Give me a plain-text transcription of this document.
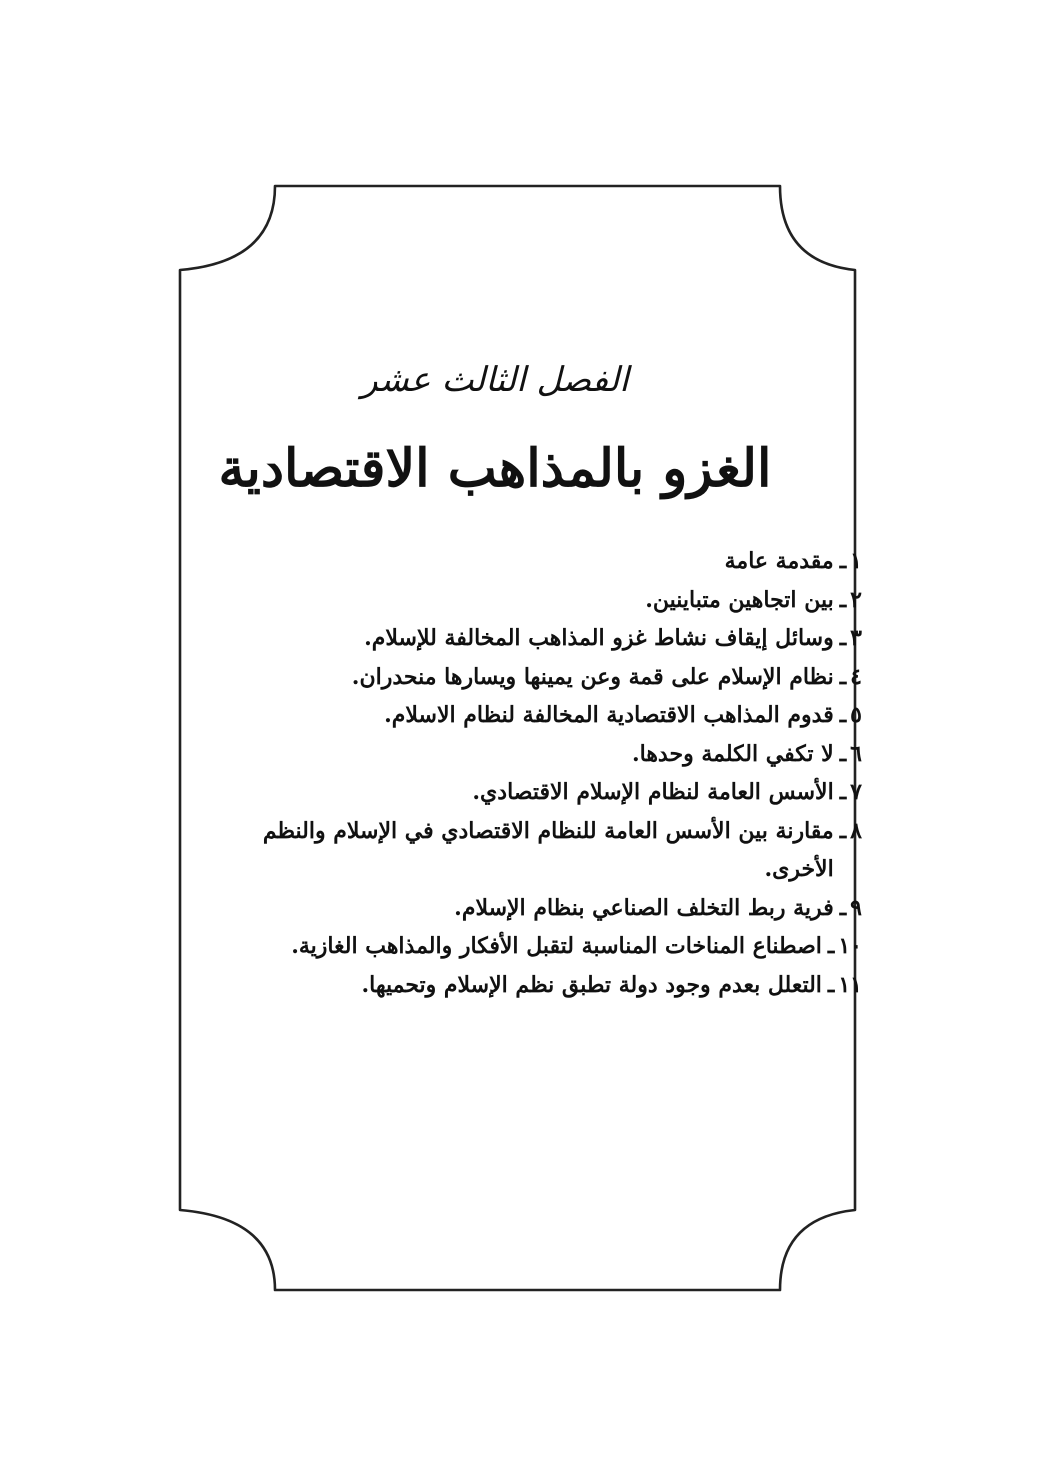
الفصل الثالث عشر
الغزو بالمذاهب الاقتصادية
١
ـ
مقدمة عامة
٢
ـ
بين اتجاهين متباينين.
٣
ـ
وسائل إيقاف نشاط غزو المذاهب المخالفة للإسلام.
٤
ـ
نظام الإسلام على قمة وعن يمينها ويسارها منحدران.
٥
ـ
قدوم المذاهب الاقتصادية المخالفة لنظام الاسلام.
٦
ـ
لا تكفي الكلمة وحدها.
٧
ـ
الأسس العامة لنظام الإسلام الاقتصادي.
٨
ـ
مقارنة بين الأسس العامة للنظام الاقتصادي في الإسلام والنظم الأخرى.
٩
ـ
فرية ربط التخلف الصناعي بنظام الإسلام.
١٠
ـ
اصطناع المناخات المناسبة لتقبل الأفكار والمذاهب الغازية.
١١
ـ
التعلل بعدم وجود دولة تطبق نظم الإسلام وتحميها.
